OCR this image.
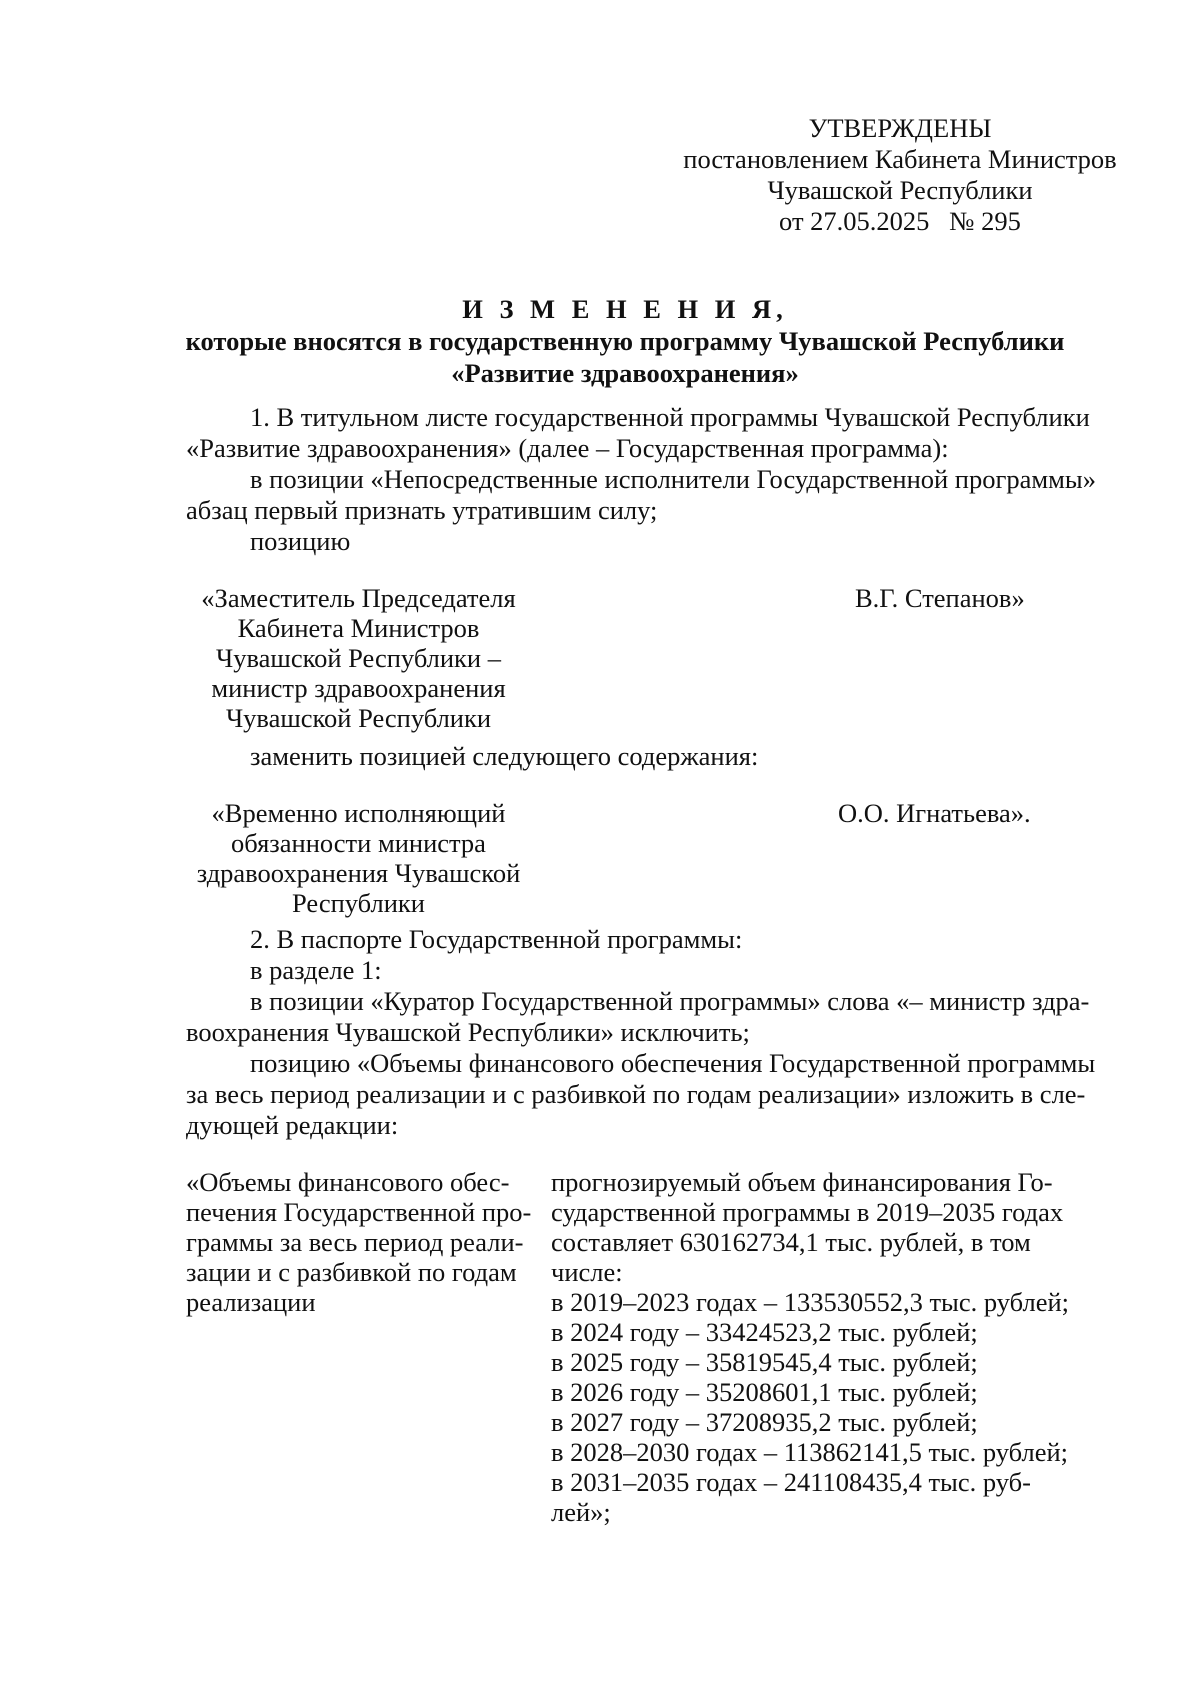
УТВЕРЖДЕНЫ
постановлением Кабинета Министров
Чувашской Республики
от 27.05.2025   № 295
И З М Е Н Е Н И Я,
которые вносятся в государственную программу Чувашской Республики
«Развитие здравоохранения»
1. В титульном листе государственной программы Чувашской Республики
«Развитие здравоохранения» (далее – Государственная программа):
в позиции «Непосредственные исполнители Государственной программы»
абзац первый признать утратившим силу;
позицию
«Заместитель Председателя
Кабинета Министров
Чувашской Республики –
министр здравоохранения
Чувашской Республики
В.Г. Степанов»
заменить позицией следующего содержания:
«Временно исполняющий
обязанности министра
здравоохранения Чувашской
Республики
О.О. Игнатьева».
2. В паспорте Государственной программы:
в разделе 1:
в позиции «Куратор Государственной программы» слова «– министр здра-
воохранения Чувашской Республики» исключить;
позицию «Объемы финансового обеспечения Государственной программы
за весь период реализации и с разбивкой по годам реализации» изложить в сле-
дующей редакции:
«Объемы финансового обес-
печения Государственной про-
граммы за весь период реали-
зации и с разбивкой по годам
реализации
прогнозируемый объем финансирования Го-
сударственной программы в 2019–2035 годах
составляет 630162734,1 тыс. рублей, в том
числе:
в 2019–2023 годах – 133530552,3 тыс. рублей;
в 2024 году – 33424523,2 тыс. рублей;
в 2025 году – 35819545,4 тыс. рублей;
в 2026 году – 35208601,1 тыс. рублей;
в 2027 году – 37208935,2 тыс. рублей;
в 2028–2030 годах – 113862141,5 тыс. рублей;
в 2031–2035 годах – 241108435,4 тыс. руб-
лей»;
